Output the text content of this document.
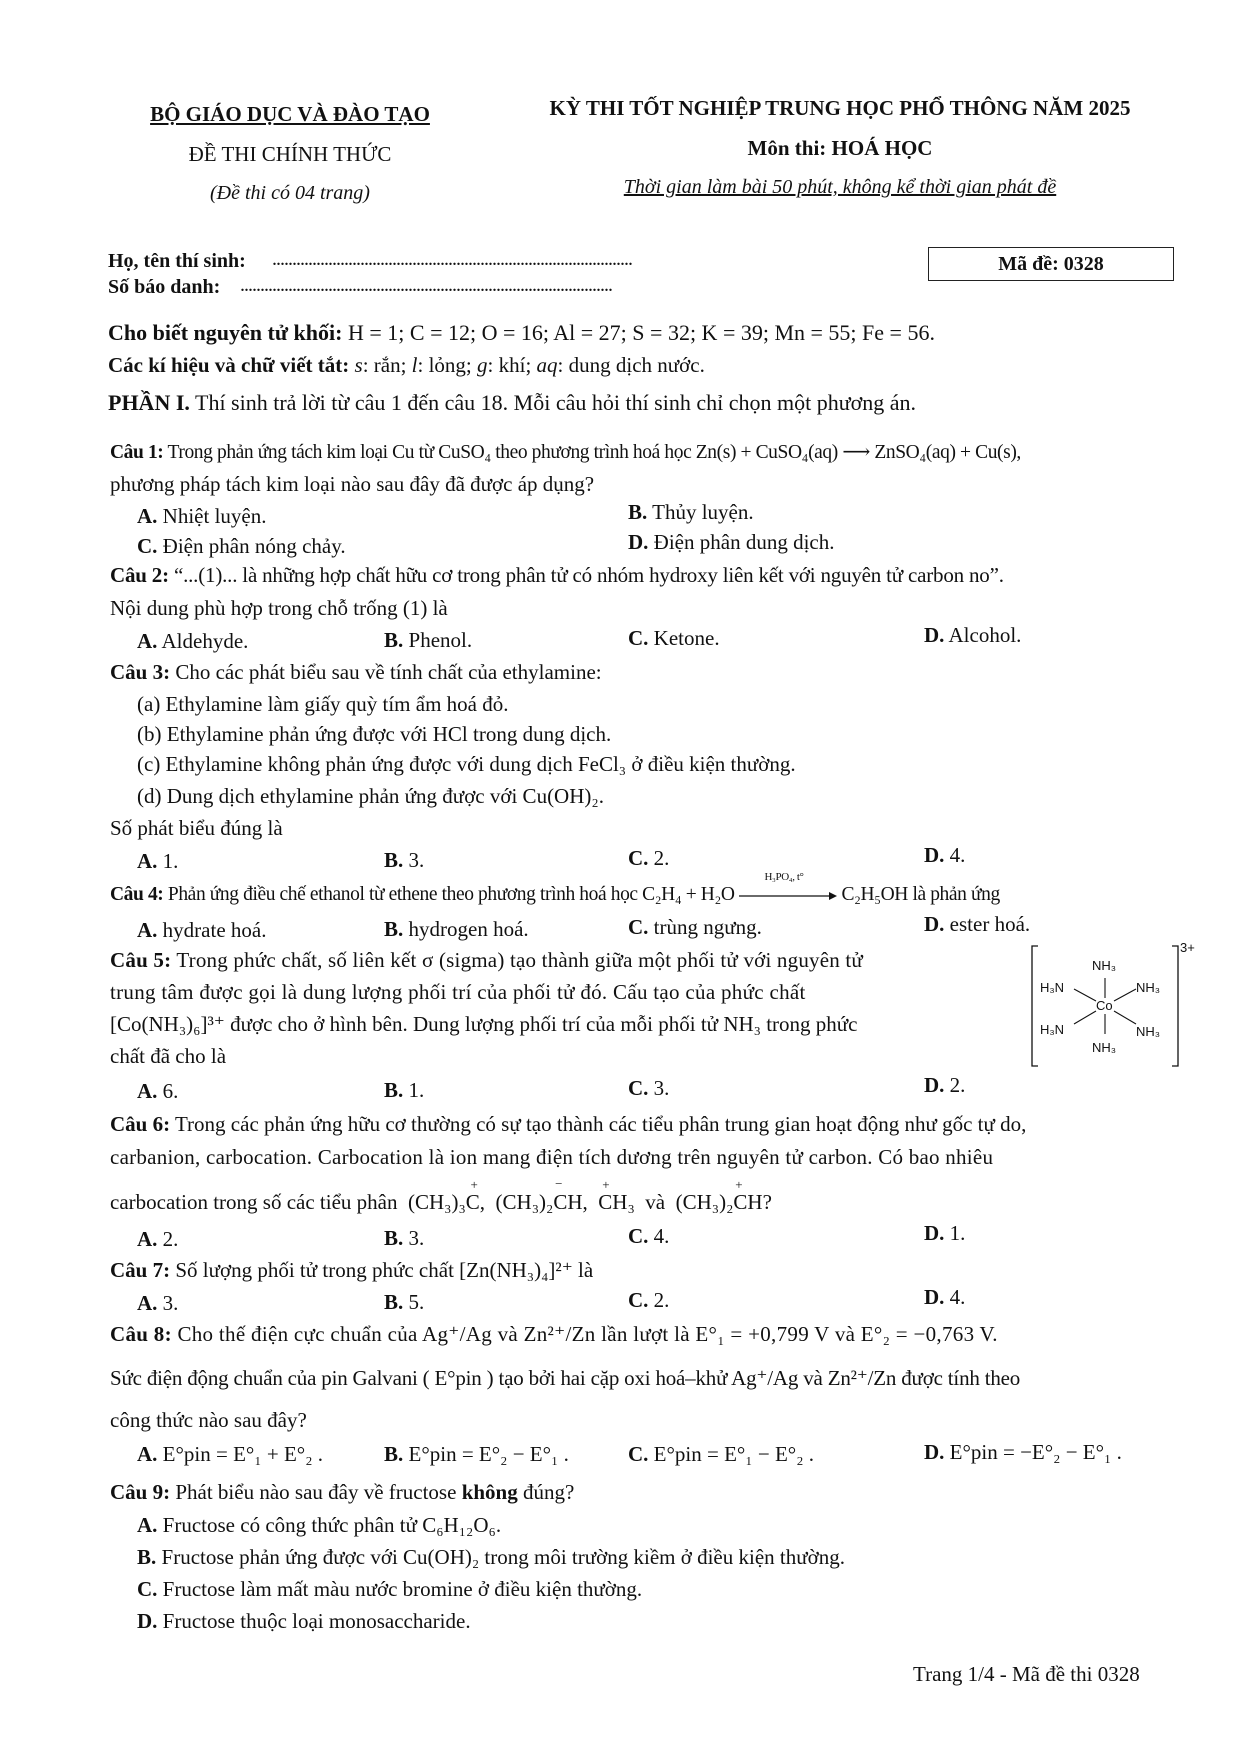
BỘ GIÁO DỤC VÀ ĐÀO TẠO
ĐỀ THI CHÍNH THỨC
(Đề thi có 04 trang)
KỲ THI TỐT NGHIỆP TRUNG HỌC PHỔ THÔNG NĂM 2025
Môn thi: HOÁ HỌC
Thời gian làm bài 50 phút, không kể thời gian phát đề
Họ, tên thí sinh: ..........................................................................................
Số báo danh: .............................................................................................
Mã đề: 0328
Cho biết nguyên tử khối: H = 1; C = 12; O = 16; Al = 27; S = 32; K = 39; Mn = 55; Fe = 56.
Các kí hiệu và chữ viết tắt: s: rắn; l: lỏng; g: khí; aq: dung dịch nước.
PHẦN I. Thí sinh trả lời từ câu 1 đến câu 18. Mỗi câu hỏi thí sinh chỉ chọn một phương án.
Câu 1: Trong phản ứng tách kim loại Cu từ CuSO₄ theo phương trình hoá học Zn(s) + CuSO₄(aq) ⟶ ZnSO₄(aq) + Cu(s),
phương pháp tách kim loại nào sau đây đã được áp dụng?
A. Nhiệt luyện.	B. Thủy luyện.
C. Điện phân nóng chảy.	D. Điện phân dung dịch.
Câu 2: “...(1)... là những hợp chất hữu cơ trong phân tử có nhóm hydroxy liên kết với nguyên tử carbon no”.
Nội dung phù hợp trong chỗ trống (1) là
A. Aldehyde.	B. Phenol.	C. Ketone.	D. Alcohol.
Câu 3: Cho các phát biểu sau về tính chất của ethylamine:
(a) Ethylamine làm giấy quỳ tím ẩm hoá đỏ.
(b) Ethylamine phản ứng được với HCl trong dung dịch.
(c) Ethylamine không phản ứng được với dung dịch FeCl₃ ở điều kiện thường.
(d) Dung dịch ethylamine phản ứng được với Cu(OH)₂.
Số phát biểu đúng là
A. 1.	B. 3.	C. 2.	D. 4.
Câu 4: Phản ứng điều chế ethanol từ ethene theo phương trình hoá học C₂H₄ + H₂O
H₃PO₄, t°
C₂H₅OH là phản ứng
A. hydrate hoá.	B. hydrogen hoá.	C. trùng ngưng.	D. ester hoá.
Câu 5: Trong phức chất, số liên kết σ (sigma) tạo thành giữa một phối tử với nguyên tử
trung tâm được gọi là dung lượng phối trí của phối tử đó. Cấu tạo của phức chất
[Co(NH₃)₆]³⁺ được cho ở hình bên. Dung lượng phối trí của mỗi phối tử NH₃ trong phức
chất đã cho là
A. 6.	B. 1.	C. 3.	D. 2.
NH₃
H₃N	NH₃
Co
H₃N	NH₃
NH₃
3+
Câu 6: Trong các phản ứng hữu cơ thường có sự tạo thành các tiểu phân trung gian hoạt động như gốc tự do,
carbanion, carbocation. Carbocation là ion mang điện tích dương trên nguyên tử carbon. Có bao nhiêu
carbocation trong số các tiểu phân (CH₃)₃C
+
,  (CH₃)₂CH
−
,  CH₃
+
và (CH₃)₂CH
+
?
A. 2.	B. 3.	C. 4.	D. 1.
Câu 7: Số lượng phối tử trong phức chất [Zn(NH₃)₄]²⁺ là
A. 3.	B. 5.	C. 2.	D. 4.
Câu 8: Cho thế điện cực chuẩn của Ag⁺/Ag và Zn²⁺/Zn lần lượt là E°₁ = +0,799 V và E°₂ = −0,763 V.
Sức điện động chuẩn của pin Galvani ( E°pin ) tạo bởi hai cặp oxi hoá–khử Ag⁺/Ag và Zn²⁺/Zn được tính theo
công thức nào sau đây?
A. E°pin = E°₁ + E°₂ .	B. E°pin = E°₂ − E°₁ .	C. E°pin = E°₁ − E°₂ .	D. E°pin = −E°₂ − E°₁ .
Câu 9: Phát biểu nào sau đây về fructose không đúng?
A. Fructose có công thức phân tử C₆H₁₂O₆.
B. Fructose phản ứng được với Cu(OH)₂ trong môi trường kiềm ở điều kiện thường.
C. Fructose làm mất màu nước bromine ở điều kiện thường.
D. Fructose thuộc loại monosaccharide.
Trang 1/4 - Mã đề thi 0328
